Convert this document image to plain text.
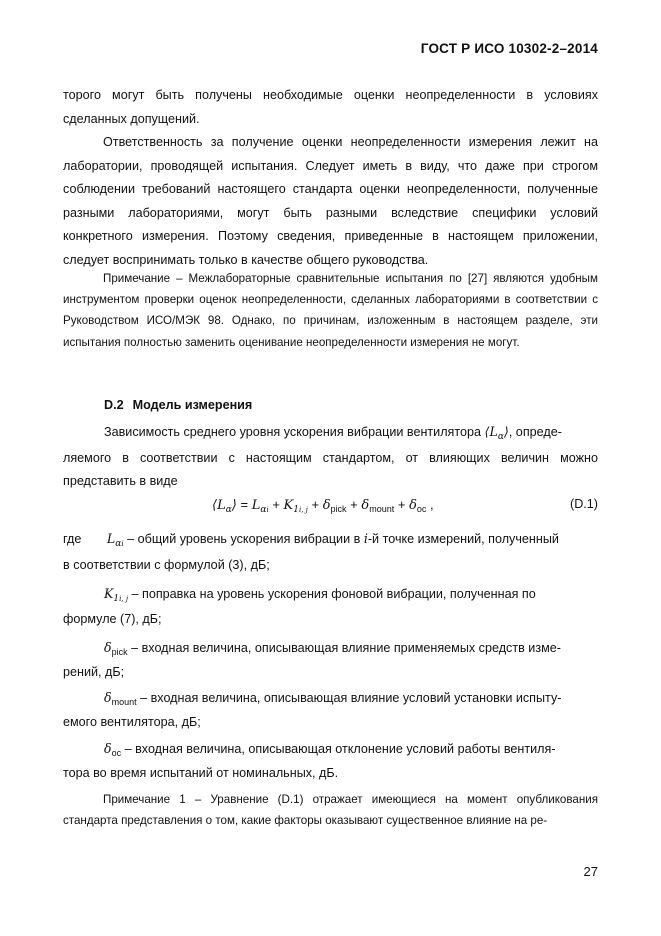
ГОСТ Р ИСО 10302-2–2014
торого могут быть получены необходимые оценки неопределенности в условиях сделанных допущений.
Ответственность за получение оценки неопределенности измерения лежит на лаборатории, проводящей испытания. Следует иметь в виду, что даже при строгом соблюдении требований настоящего стандарта оценки неопределенности, полученные разными лабораториями, могут быть разными вследствие специфики условий конкретного измерения. Поэтому сведения, приведенные в настоящем приложении, следует воспринимать только в качестве общего руководства.
Примечание – Межлабораторные сравнительные испытания по [27] являются удобным инструментом проверки оценок неопределенности, сделанных лабораториями в соответствии с Руководством ИСО/МЭК 98. Однако, по причинам, изложенным в настоящем разделе, эти испытания полностью заменить оценивание неопределенности измерения не могут.
D.2 Модель измерения
Зависимость среднего уровня ускорения вибрации вентилятора $⟨L_\alpha⟩$, опреде-
ляемого в соответствии с настоящим стандартом, от влияющих величин можно
представить в виде
$⟨L_\alpha⟩ = L_{\alpha i} + K_{1i, j} + \delta_{pick} + \delta_{mount} + \delta_{oc}$ ,	(D.1)
где $L_{\alpha i}$ – общий уровень ускорения вибрации в i-й точке измерений, полученный
в соответствии с формулой (3), дБ;
$K_{1i, j}$ – поправка на уровень ускорения фоновой вибрации, полученная по
формуле (7), дБ;
$\delta_{pick}$ – входная величина, описывающая влияние применяемых средств изме-
рений, дБ;
$\delta_{mount}$ – входная величина, описывающая влияние условий установки испыту-
емого вентилятора, дБ;
$\delta_{oc}$ – входная величина, описывающая отклонение условий работы вентиля-
тора во время испытаний от номинальных, дБ.
Примечание 1 – Уравнение (D.1) отражает имеющиеся на момент опубликования стандарта представления о том, какие факторы оказывают существенное влияние на ре-
27
